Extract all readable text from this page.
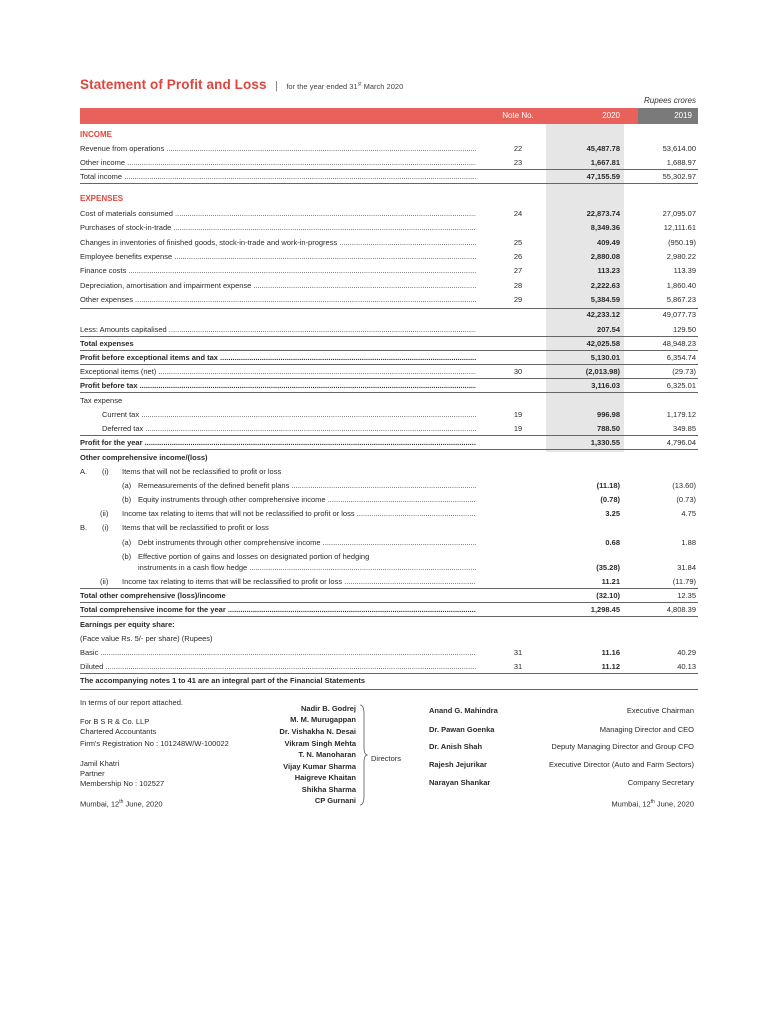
Statement of Profit and Loss | for the year ended 31st March 2020
Rupees crores
Note No.	2020	2019
INCOME
Revenue from operations .....	22	45,487.78	53,614.00
Other income .....	23	1,667.81	1,688.97
Total income .....	47,155.59	55,302.97
EXPENSES
Cost of materials consumed .....	24	22,873.74	27,095.07
Purchases of stock-in-trade .....	8,349.36	12,111.61
Changes in inventories of finished goods, stock-in-trade and work-in-progress .....	25	409.49	(950.19)
Employee benefits expense .....	26	2,880.08	2,980.22
Finance costs .....	27	113.23	113.39
Depreciation, amortisation and impairment expense .....	28	2,222.63	1,860.40
Other expenses .....	29	5,384.59	5,867.23
42,233.12	49,077.73
Less: Amounts capitalised .....	207.54	129.50
Total expenses	42,025.58	48,948.23
Profit before exceptional items and tax .....	5,130.01	6,354.74
Exceptional items (net) .....	30	(2,013.98)	(29.73)
Profit before tax .....	3,116.03	6,325.01
Tax expense
Current tax .....	19	996.98	1,179.12
Deferred tax .....	19	788.50	349.85
Profit for the year .....	1,330.55	4,796.04
Other comprehensive income/(loss)
A. (i) Items that will not be reclassified to profit or loss
(a) Remeasurements of the defined benefit plans .....	(11.18)	(13.60)
(b) Equity instruments through other comprehensive income .....	(0.78)	(0.73)
(ii) Income tax relating to items that will not be reclassified to profit or loss .....	3.25	4.75
B. (i) Items that will be reclassified to profit or loss
(a) Debt instruments through other comprehensive income .....	0.68	1.88
(b) Effective portion of gains and losses on designated portion of hedging
instruments in a cash flow hedge .....	(35.28)	31.84
(ii) Income tax relating to items that will be reclassified to profit or loss .....	11.21	(11.79)
Total other comprehensive (loss)/income	(32.10)	12.35
Total comprehensive income for the year .....	1,298.45	4,808.39
Earnings per equity share:
(Face value Rs. 5/- per share) (Rupees)
Basic .....	31	11.16	40.29
Diluted .....	31	11.12	40.13
The accompanying notes 1 to 41 are an integral part of the Financial Statements
In terms of our report attached.
For B S R & Co. LLP
Chartered Accountants
Firm's Registration No : 101248W/W-100022
Jamil Khatri
Partner
Membership No : 102527
Mumbai, 12th June, 2020
Nadir B. Godrej
M. M. Murugappan
Dr. Vishakha N. Desai
Vikram Singh Mehta
T. N. Manoharan
Vijay Kumar Sharma
Haigreve Khaitan
Shikha Sharma
CP Gurnani
Directors
Anand G. Mahindra	Executive Chairman
Dr. Pawan Goenka	Managing Director and CEO
Dr. Anish Shah	Deputy Managing Director and Group CFO
Rajesh Jejurikar	Executive Director (Auto and Farm Sectors)
Narayan Shankar	Company Secretary
Mumbai, 12th June, 2020
